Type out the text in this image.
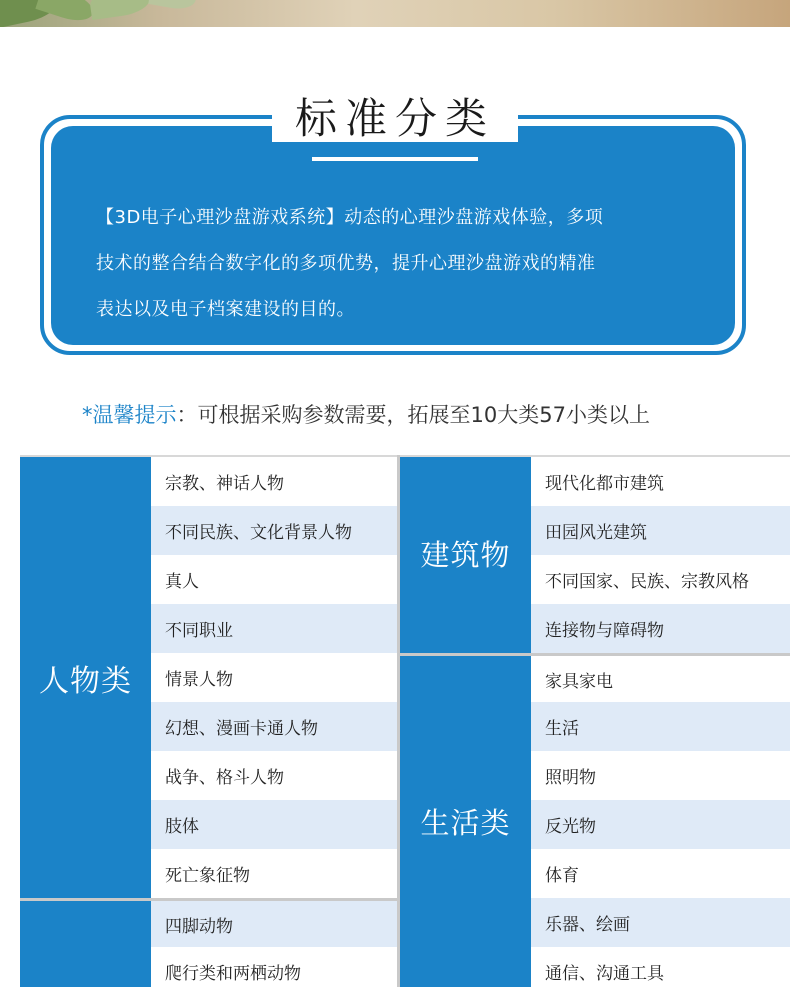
标准分类
【3D电子心理沙盘游戏系统】动态的心理沙盘游戏体验，多项
技术的整合结合数字化的多项优势，提升心理沙盘游戏的精准
表达以及电子档案建设的目的。
*温馨提示：可根据采购参数需要，拓展至10大类57小类以上
人物类
宗教、神话人物
不同民族、文化背景人物
真人
不同职业
情景人物
幻想、漫画卡通人物
战争、格斗人物
肢体
死亡象征物
四脚动物
爬行类和两栖动物
建筑物
现代化都市建筑
田园风光建筑
不同国家、民族、宗教风格
连接物与障碍物
生活类
家具家电
生活
照明物
反光物
体育
乐器、绘画
通信、沟通工具
